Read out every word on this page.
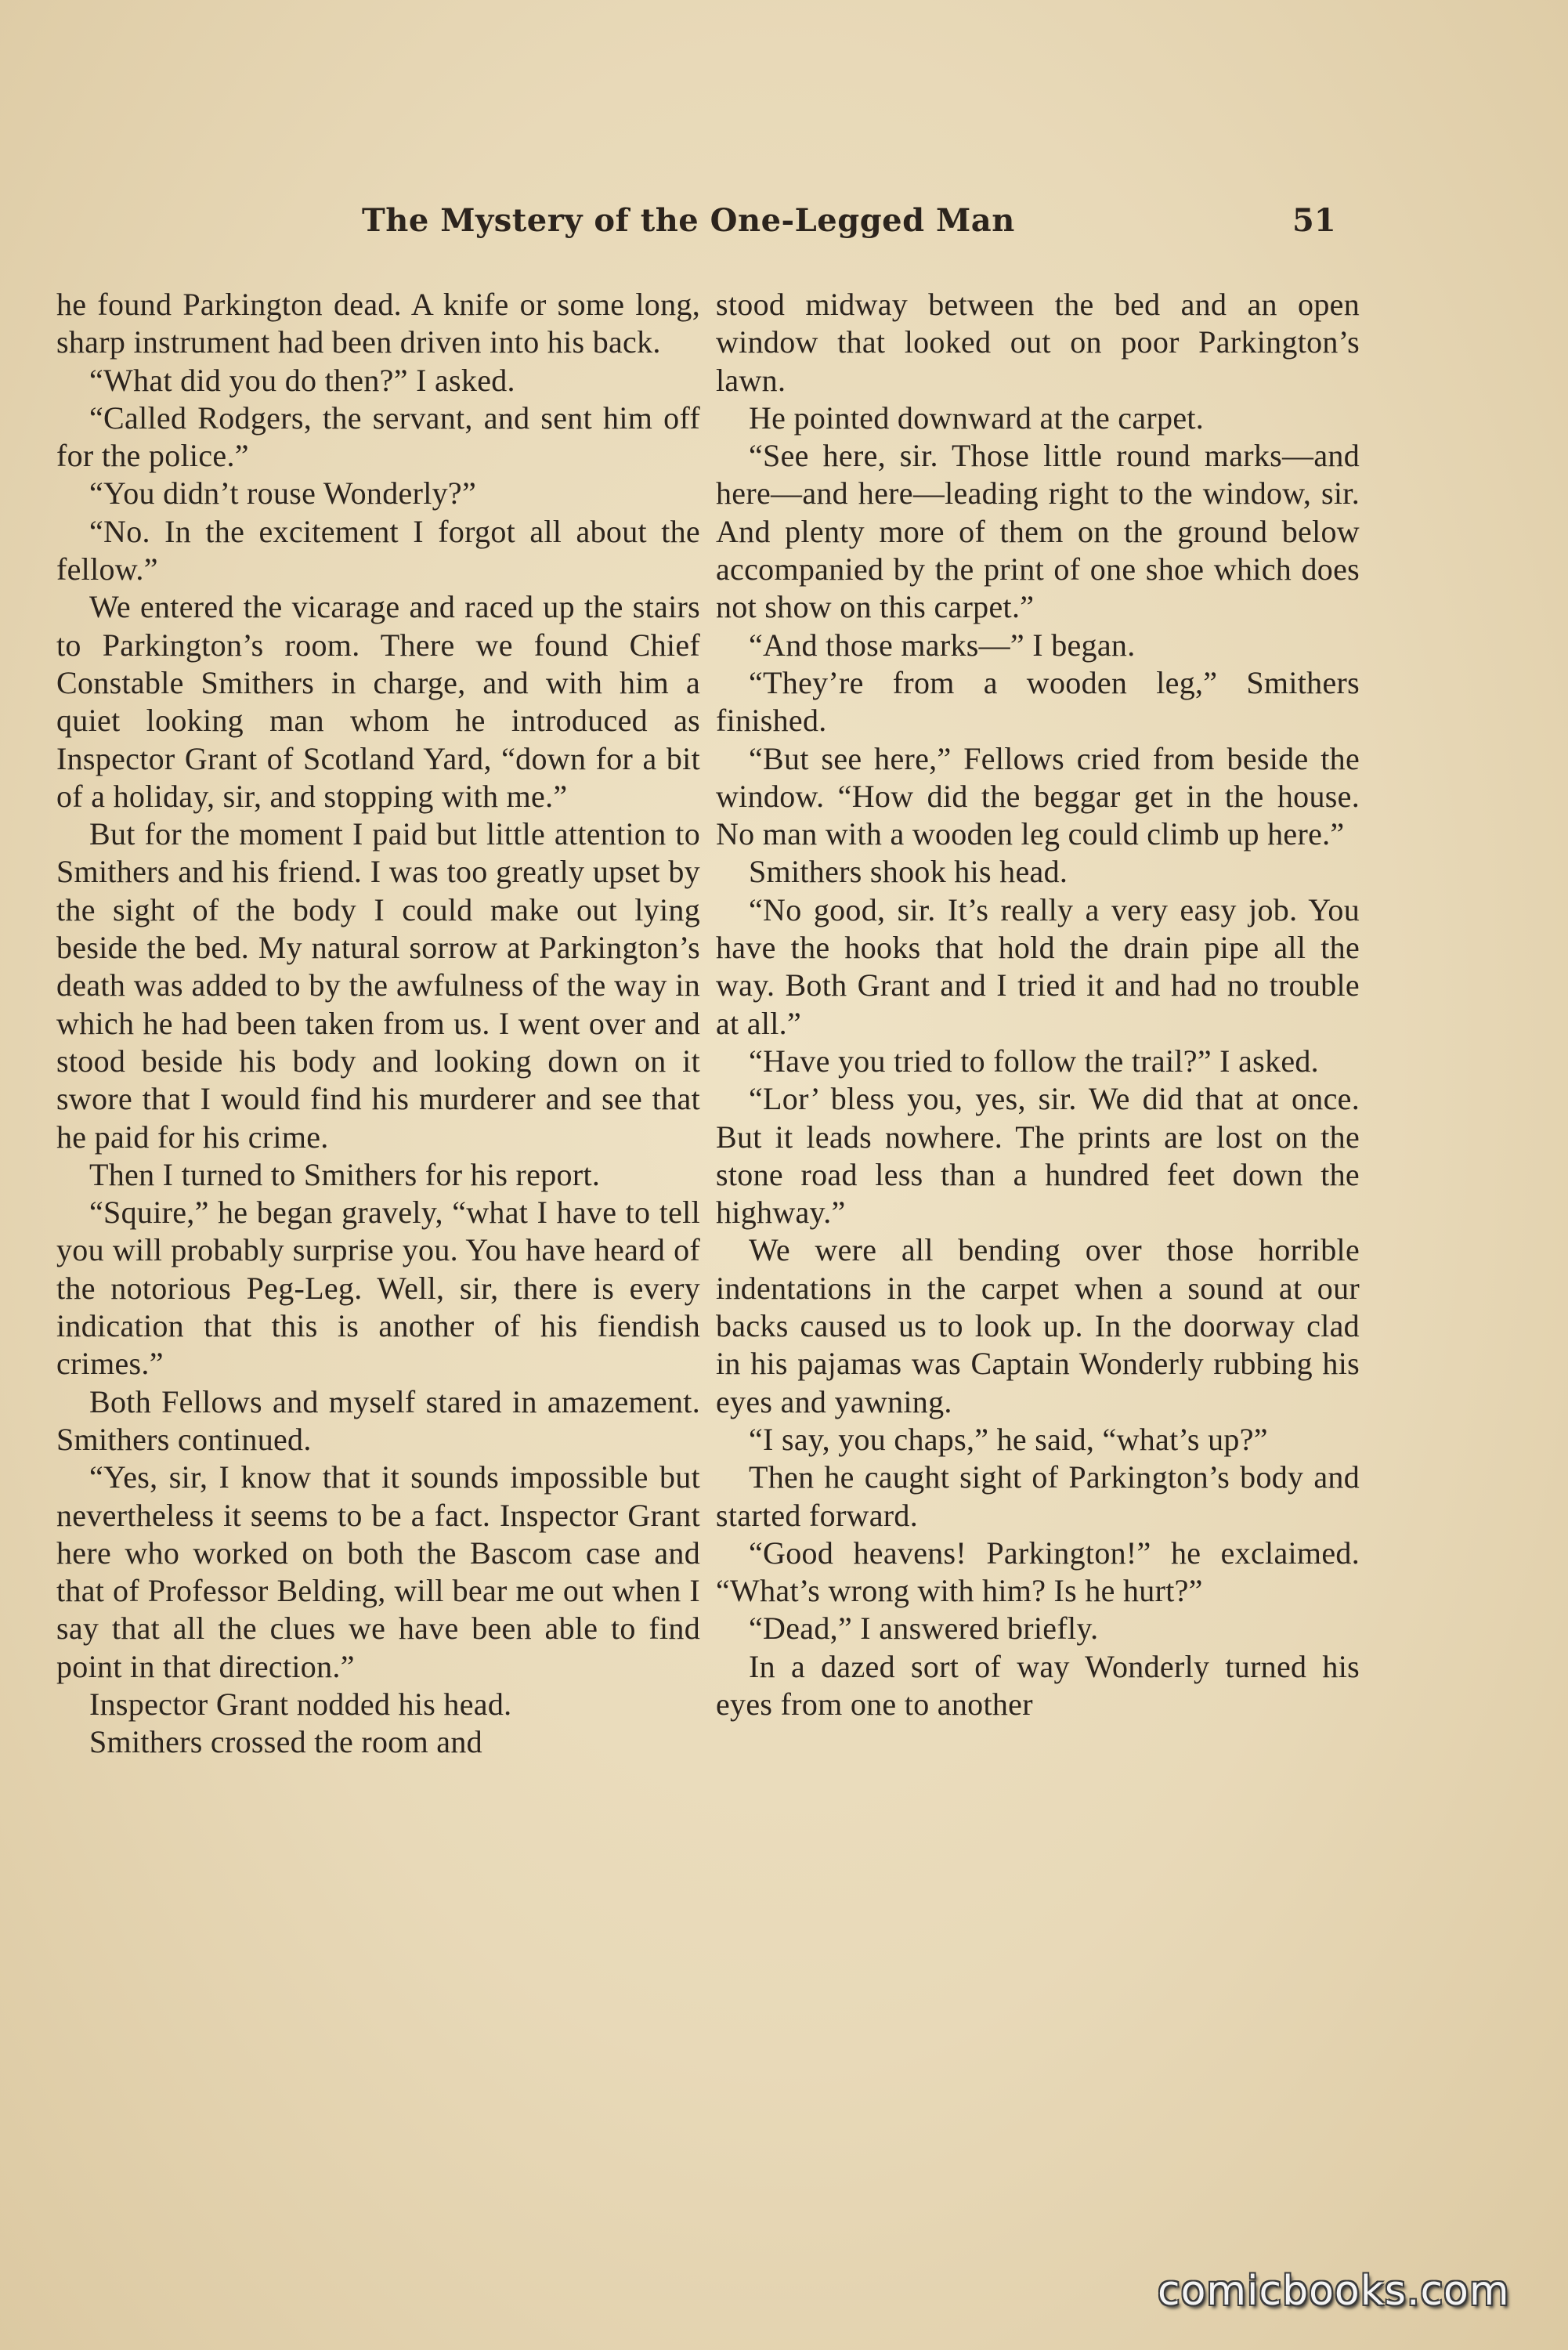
The Mystery of the One-Legged Man	51

he found Parkington dead. A knife or some long, sharp instrument had been driven into his back.

“What did you do then?” I asked.

“Called Rodgers, the servant, and sent him off for the police.”

“You didn’t rouse Wonderly?”

“No. In the excitement I forgot all about the fellow.”

We entered the vicarage and raced up the stairs to Parkington’s room. There we found Chief Constable Smithers in charge, and with him a quiet looking man whom he introduced as Inspector Grant of Scotland Yard, “down for a bit of a holiday, sir, and stopping with me.”

But for the moment I paid but little attention to Smithers and his friend. I was too greatly upset by the sight of the body I could make out lying beside the bed. My natural sorrow at Parkington’s death was added to by the awfulness of the way in which he had been taken from us. I went over and stood beside his body and looking down on it swore that I would find his murderer and see that he paid for his crime.

Then I turned to Smithers for his report.

“Squire,” he began gravely, “what I have to tell you will probably surprise you. You have heard of the notorious Peg-Leg. Well, sir, there is every indication that this is another of his fiendish crimes.”

Both Fellows and myself stared in amazement. Smithers continued.

“Yes, sir, I know that it sounds impossible but nevertheless it seems to be a fact. Inspector Grant here who worked on both the Bascom case and that of Professor Belding, will bear me out when I say that all the clues we have been able to find point in that direction.”

Inspector Grant nodded his head.

Smithers crossed the room and

stood midway between the bed and an open window that looked out on poor Parkington’s lawn.

He pointed downward at the carpet.

“See here, sir. Those little round marks—and here—and here—leading right to the window, sir. And plenty more of them on the ground below accompanied by the print of one shoe which does not show on this carpet.”

“And those marks—” I began.

“They’re from a wooden leg,” Smithers finished.

“But see here,” Fellows cried from beside the window. “How did the beggar get in the house. No man with a wooden leg could climb up here.”

Smithers shook his head.

“No good, sir. It’s really a very easy job. You have the hooks that hold the drain pipe all the way. Both Grant and I tried it and had no trouble at all.”

“Have you tried to follow the trail?” I asked.

“Lor’ bless you, yes, sir. We did that at once. But it leads nowhere. The prints are lost on the stone road less than a hundred feet down the highway.”

We were all bending over those horrible indentations in the carpet when a sound at our backs caused us to look up. In the doorway clad in his pajamas was Captain Wonderly rubbing his eyes and yawning.

“I say, you chaps,” he said, “what’s up?”

Then he caught sight of Parkington’s body and started forward.

“Good heavens! Parkington!” he exclaimed. “What’s wrong with him? Is he hurt?”

“Dead,” I answered briefly.

In a dazed sort of way Wonderly turned his eyes from one to another

comicbooks.com
